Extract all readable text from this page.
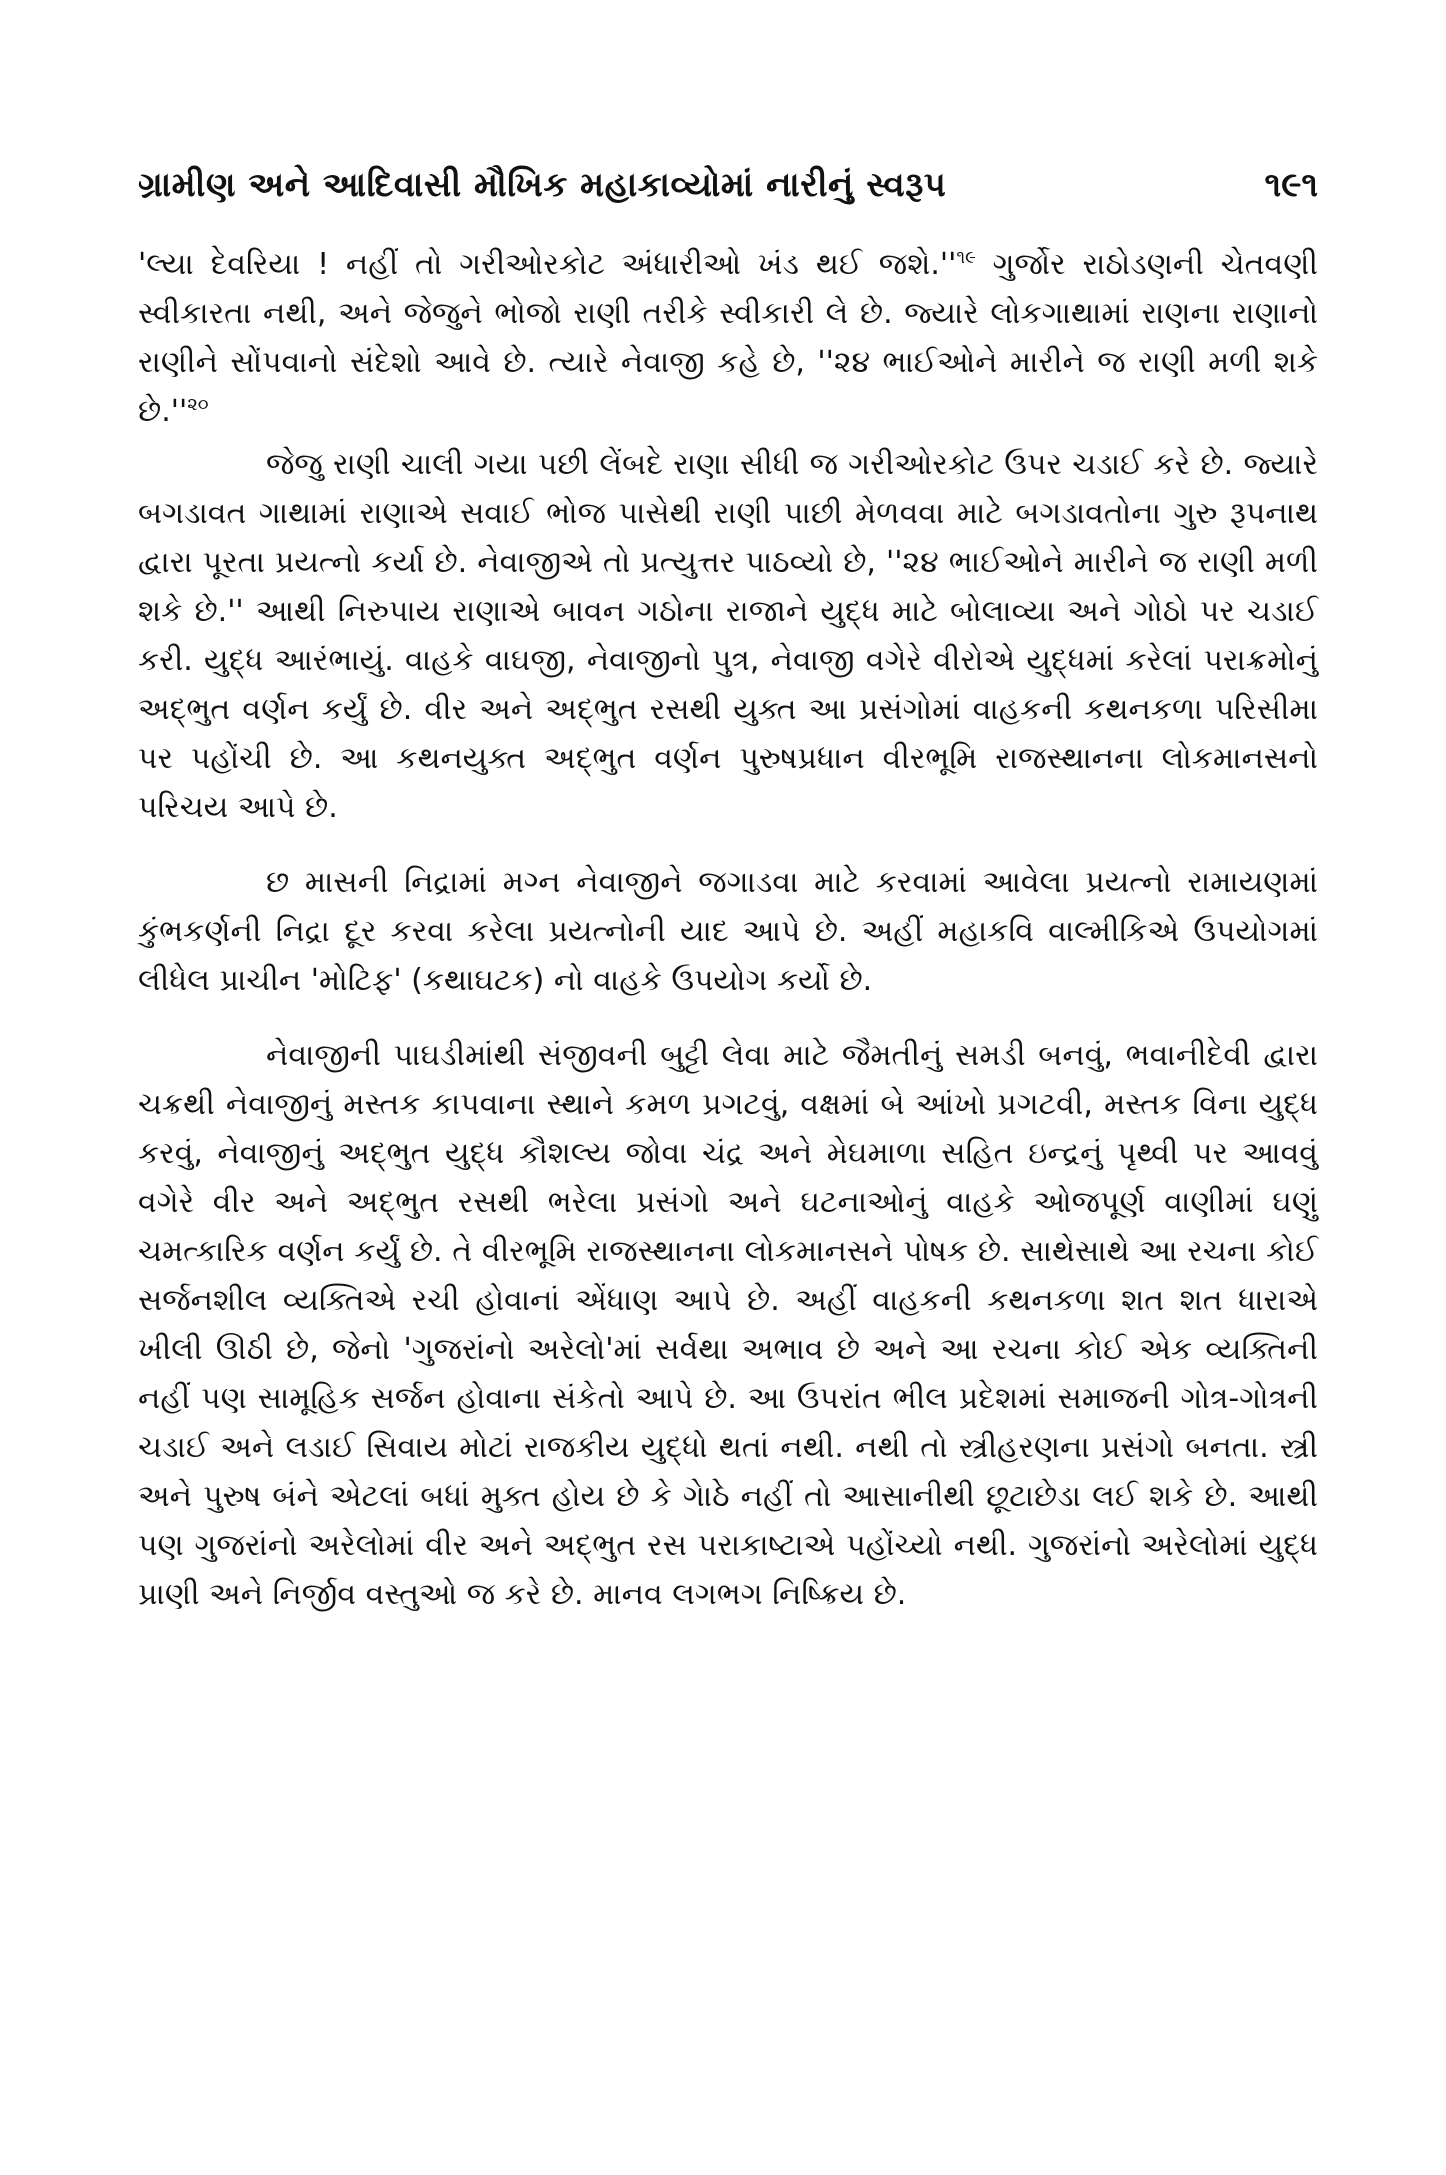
ગ્રામીણ અને આદિવાસી મૌખિક મહાકાવ્યોમાં નારીનું સ્વરૂપ	૧૯૧

'લ્યા દેવરિયા ! નહીં તો ગરીઓરકોટ અંધારીઓ ખંડ થઈ $જશે.''^{૧૯}$ ગુર્જોર રાઠોડણની ચેતવણી સ્વીકારતા નથી, અને જેજુને ભોજો રાણી તરીકે સ્વીકારી લે છે. જ્યારે લોકગાથામાં રાણના રાણાનો રાણીને સોંપવાનો સંદેશો આવે છે. ત્યારે નેવાજી કહે છે, ''૨૪ ભાઈઓને મારીને જ રાણી મળી શકે $છે.''^{૨૦}$

જેજુ રાણી ચાલી ગયા પછી લેંબદે રાણા સીધી જ ગરીઓરકોટ ઉપર ચડાઈ કરે છે. જ્યારે બગડાવત ગાથામાં રાણાએ સવાઈ ભોજ પાસેથી રાણી પાછી મેળવવા માટે બગડાવતોના ગુરુ રૂપનાથ દ્વારા પૂરતા પ્રયત્નો કર્યા છે. નેવાજીએ તો પ્રત્યુત્તર પાઠવ્યો છે, ''૨૪ ભાઈઓને મારીને જ રાણી મળી શકે છે.'' આથી નિરુપાય રાણાએ બાવન ગઠોના રાજાને યુદ્ધ માટે બોલાવ્યા અને ગોઠો પર ચડાઈ કરી. યુદ્ધ આરંભાયું. વાહકે વાઘજી, નેવાજીનો પુત્ર, નેવાજી વગેરે વીરોએ યુદ્ધમાં કરેલાં પરાક્રમોનું અદ્ભુત વર્ણન કર્યું છે. વીર અને અદ્ભુત રસથી યુક્ત આ પ્રસંગોમાં વાહકની કથનકળા પરિસીમા પર પહોંચી છે. આ કથનયુક્ત અદ્ભુત વર્ણન પુરુષપ્રધાન વીરભૂમિ રાજસ્થાનના લોકમાનસનો પરિચય આપે છે.

છ માસની નિદ્રામાં મગ્ન નેવાજીને જગાડવા માટે કરવામાં આવેલા પ્રયત્નો રામાયણમાં કુંભકર્ણની નિદ્રા દૂર કરવા કરેલા પ્રયત્નોની યાદ આપે છે. અહીં મહાકવિ વાલ્મીકિએ ઉપયોગમાં લીધેલ પ્રાચીન 'મોટિફ' (કથાઘટક) નો વાહકે ઉપયોગ કર્યો છે.

નેવાજીની પાઘડીમાંથી સંજીવની બુટ્ટી લેવા માટે જૈમતીનું સમડી બનવું, ભવાનીદેવી દ્વારા ચક્રથી નેવાજીનું મસ્તક કાપવાના સ્થાને કમળ પ્રગટવું, વક્ષમાં બે આંખો પ્રગટવી, મસ્તક વિના યુદ્ધ કરવું, નેવાજીનું અદ્ભુત યુદ્ધ કૌશલ્ય જોવા ચંદ્ર અને મેઘમાળા સહિત ઇન્દ્રનું પૃથ્વી પર આવવું વગેરે વીર અને અદ્ભુત રસથી ભરેલા પ્રસંગો અને ઘટનાઓનું વાહકે ઓજપૂર્ણ વાણીમાં ઘણું ચમત્કારિક વર્ણન કર્યું છે. તે વીરભૂમિ રાજસ્થાનના લોકમાનસને પોષક છે. સાથેસાથે આ રચના કોઈ સર્જનશીલ વ્યક્તિએ રચી હોવાનાં એંધાણ આપે છે. અહીં વાહકની કથનકળા શત શત ધારાએ ખીલી ઊઠી છે, જેનો 'ગુજરાંનો અરેલો'માં સર્વથા અભાવ છે અને આ રચના કોઈ એક વ્યક્તિની નહીં પણ સામૂહિક સર્જન હોવાના સંકેતો આપે છે. આ ઉપરાંત ભીલ પ્રદેશમાં સમાજની ગોત્ર-ગોત્રની ચડાઈ અને લડાઈ સિવાય મોટાં રાજકીય યુદ્ધો થતાં નથી. નથી તો સ્ત્રીહરણના પ્રસંગો બનતા. સ્ત્રી અને પુરુષ બંને એટલાં બધાં મુક્ત હોય છે કે ગેાઠે નહીં તો આસાનીથી છૂટાછેડા લઈ શકે છે. આથી પણ ગુજરાંનો અરેલોમાં વીર અને અદ્ભુત રસ પરાકાષ્ટાએ પહોંચ્યો નથી. ગુજરાંનો અરેલોમાં યુદ્ધ પ્રાણી અને નિર્જીવ વસ્તુઓ જ કરે છે. માનવ લગભગ નિષ્ક્રિય છે.
